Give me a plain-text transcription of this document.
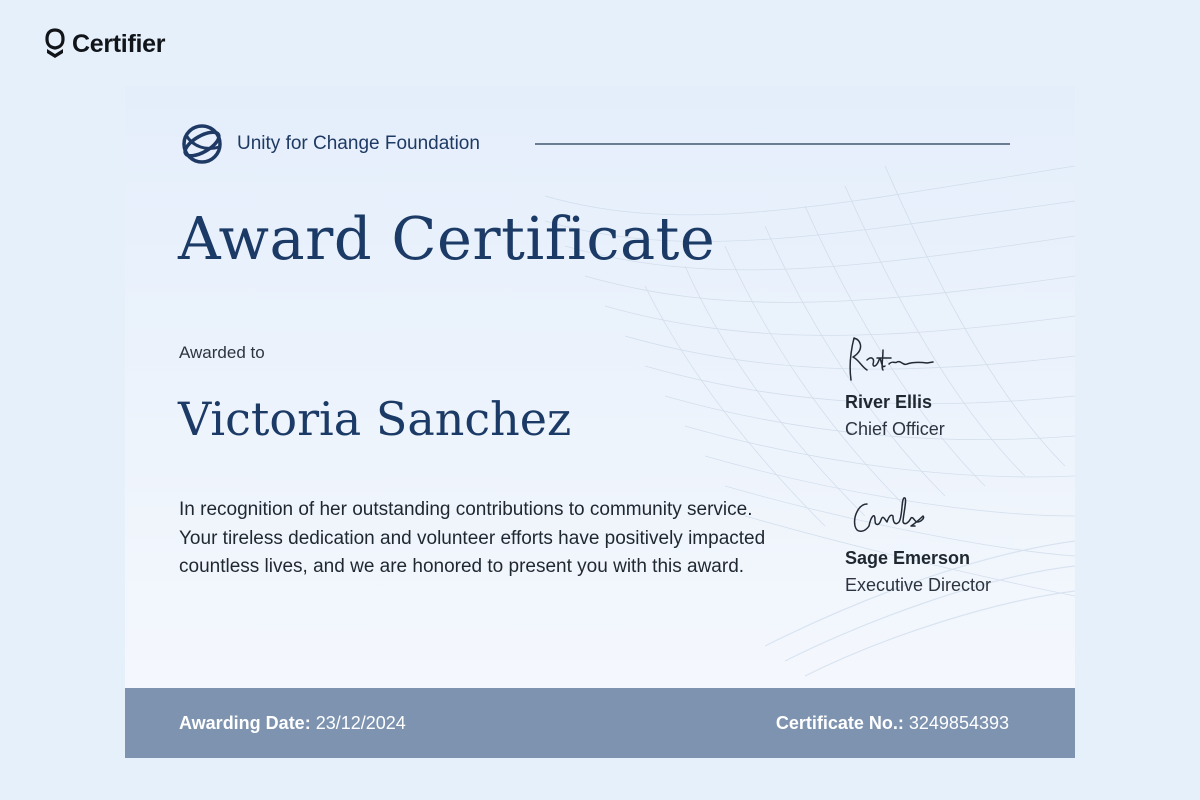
Certifier
Unity for Change Foundation
Award Certificate
Awarded to
Victoria Sanchez

In recognition of her outstanding contributions to community service. Your tireless dedication and volunteer efforts have positively impacted countless lives, and we are honored to present you with this award.

River Ellis
Chief Officer
Sage Emerson
Executive Director
Awarding Date: 23/12/2024	Certificate No.: 3249854393
